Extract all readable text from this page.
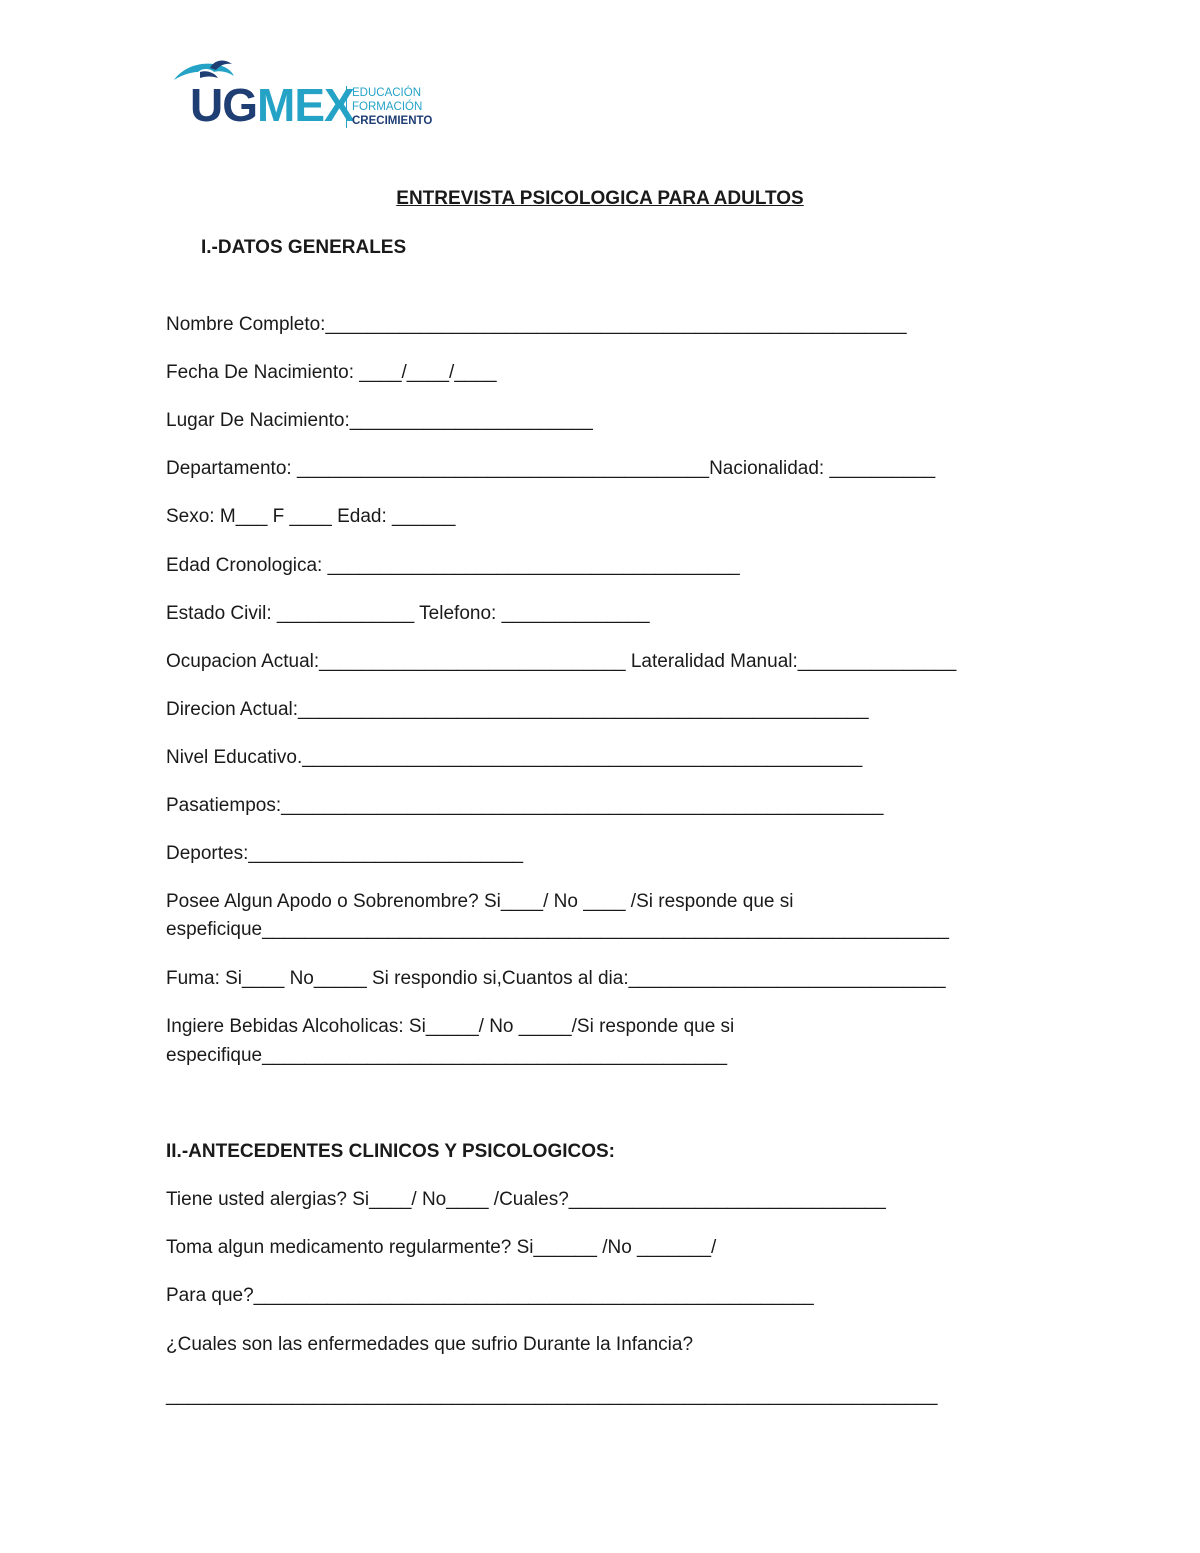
UGMEX
EDUCACIÓN
FORMACIÓN
CRECIMIENTO
ENTREVISTA PSICOLOGICA PARA ADULTOS
I.-DATOS GENERALES
Nombre Completo:_______________________________________________________
Fecha De Nacimiento: ____/____/____
Lugar De Nacimiento:_______________________
Departamento: _______________________________________Nacionalidad: __________
Sexo: M___ F ____ Edad: ______
Edad Cronologica: _______________________________________
Estado Civil: _____________ Telefono: ______________
Ocupacion Actual:_____________________________ Lateralidad Manual:_______________
Direcion Actual:______________________________________________________
Nivel Educativo._____________________________________________________
Pasatiempos:_________________________________________________________
Deportes:__________________________
Posee Algun Apodo o Sobrenombre? Si____/ No ____ /Si responde que si
espeficique_________________________________________________________________
Fuma: Si____ No_____ Si respondio si,Cuantos al dia:______________________________
Ingiere Bebidas Alcoholicas: Si_____/ No _____/Si responde que si
especifique____________________________________________
II.-ANTECEDENTES CLINICOS Y PSICOLOGICOS:
Tiene usted alergias? Si____/ No____ /Cuales?______________________________
Toma algun medicamento regularmente? Si______ /No _______/
Para que?_____________________________________________________
¿Cuales son las enfermedades que sufrio Durante la Infancia?
_________________________________________________________________________
